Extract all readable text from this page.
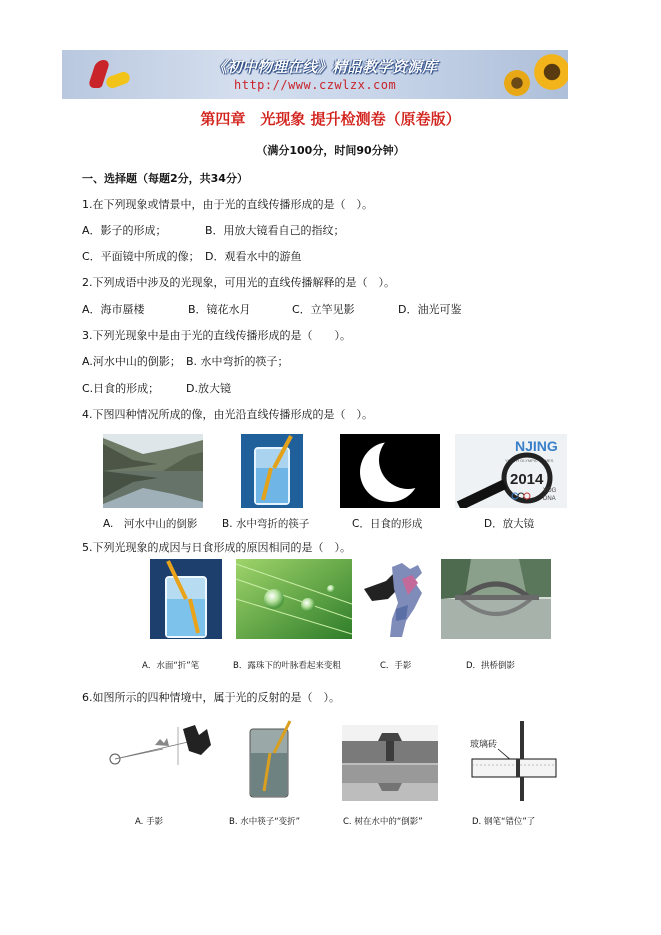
《初中物理在线》精品教学资源库
http://www.czwlzx.com
第四章　光现象 提升检测卷（原卷版）
（满分100分，时间90分钟）
一、选择题（每题2分，共34分）
1.在下列现象或情景中，由于光的直线传播形成的是（　）。
A．影子的形成；	B．用放大镜看自己的指纹；
C．平面镜中所成的像； D．观看水中的游鱼
2.下列成语中涉及的光现象，可用光的直线传播解释的是（　）。
A．海市蜃楼	B．镜花水月	C．立竿见影	D．油光可鉴
3.下列光现象中是由于光的直线传播形成的是（　　）。
A.河水中山的倒影； B. 水中弯折的筷子；
C.日食的形成； D.放大镜
4.下图四种情况所成的像，由光沿直线传播形成的是（　）。
NJING
YOUTH OLYMPIC GAMES
2014
YOG
DNA
A.　河水中山的倒影 B. 水中弯折的筷子	C．日食的形成	D．放大镜
5.下列光现象的成因与日食形成的原因相同的是（　）。
A．水面“折”笔	B．露珠下的叶脉看起来变粗	C．手影	D．拱桥倒影
6.如图所示的四种情境中，属于光的反射的是（　）。
玻璃砖
A. 手影	B. 水中筷子“变折”	C. 树在水中的“倒影”	D. 钢笔“错位”了
